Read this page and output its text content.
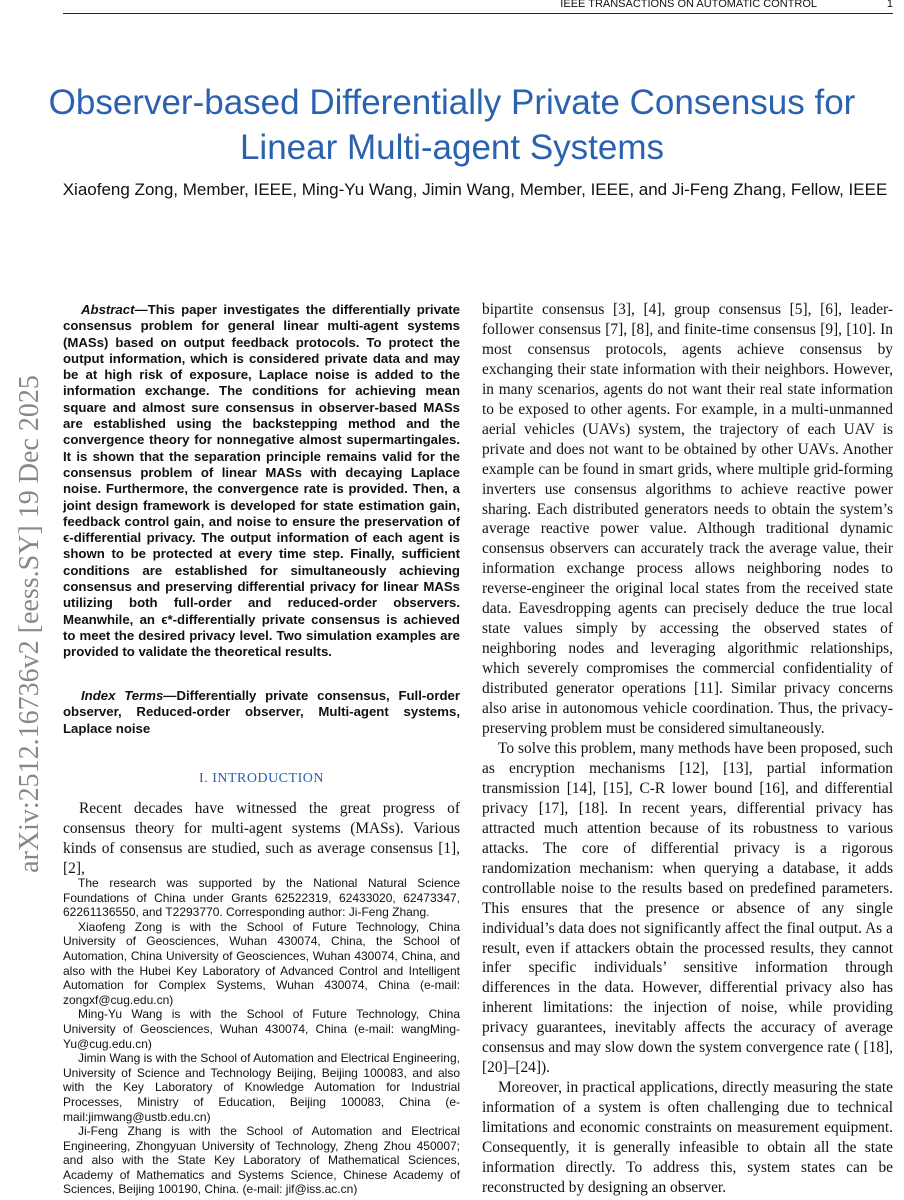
IEEE TRANSACTIONS ON AUTOMATIC CONTROL	1
arXiv:2512.16736v2 [eess.SY] 19 Dec 2025
Observer-based Differentially Private Consensus for Linear Multi-agent Systems
Xiaofeng Zong, Member, IEEE, Ming-Yu Wang, Jimin Wang, Member, IEEE, and Ji-Feng Zhang, Fellow, IEEE

Abstract—This paper investigates the differentially private consensus problem for general linear multi-agent systems (MASs) based on output feedback protocols. To protect the output information, which is considered private data and may be at high risk of exposure, Laplace noise is added to the information exchange. The conditions for achieving mean square and almost sure consensus in observer-based MASs are established using the backstepping method and the convergence theory for nonnegative almost supermartingales. It is shown that the separation principle remains valid for the consensus problem of linear MASs with decaying Laplace noise. Furthermore, the convergence rate is provided. Then, a joint design framework is developed for state estimation gain, feedback control gain, and noise to ensure the preservation of ϵ-differential privacy. The output information of each agent is shown to be protected at every time step. Finally, sufficient conditions are established for simultaneously achieving consensus and preserving differential privacy for linear MASs utilizing both full-order and reduced-order observers. Meanwhile, an ϵ*-differentially private consensus is achieved to meet the desired privacy level. Two simulation examples are provided to validate the theoretical results.

Index Terms—Differentially private consensus, Full-order observer, Reduced-order observer, Multi-agent systems, Laplace noise

I. INTRODUCTION
Recent decades have witnessed the great progress of consensus theory for multi-agent systems (MASs). Various kinds of consensus are studied, such as average consensus [1], [2],

The research was supported by the National Natural Science Foundations of China under Grants 62522319, 62433020, 62473347, 62261136550, and T2293770. Corresponding author: Ji-Feng Zhang.

Xiaofeng Zong is with the School of Future Technology, China University of Geosciences, Wuhan 430074, China, the School of Automation, China University of Geosciences, Wuhan 430074, China, and also with the Hubei Key Laboratory of Advanced Control and Intelligent Automation for Complex Systems, Wuhan 430074, China (e-mail: zongxf@cug.edu.cn)

Ming-Yu Wang is with the School of Future Technology, China University of Geosciences, Wuhan 430074, China (e-mail: wangMing-Yu@cug.edu.cn)

Jimin Wang is with the School of Automation and Electrical Engineering, University of Science and Technology Beijing, Beijing 100083, and also with the Key Laboratory of Knowledge Automation for Industrial Processes, Ministry of Education, Beijing 100083, China (e-mail:jimwang@ustb.edu.cn)

Ji-Feng Zhang is with the School of Automation and Electrical Engineering, Zhongyuan University of Technology, Zheng Zhou 450007; and also with the State Key Laboratory of Mathematical Sciences, Academy of Mathematics and Systems Science, Chinese Academy of Sciences, Beijing 100190, China. (e-mail: jif@iss.ac.cn)

bipartite consensus [3], [4], group consensus [5], [6], leader-follower consensus [7], [8], and finite-time consensus [9], [10]. In most consensus protocols, agents achieve consensus by exchanging their state information with their neighbors. However, in many scenarios, agents do not want their real state information to be exposed to other agents. For example, in a multi-unmanned aerial vehicles (UAVs) system, the trajectory of each UAV is private and does not want to be obtained by other UAVs. Another example can be found in smart grids, where multiple grid-forming inverters use consensus algorithms to achieve reactive power sharing. Each distributed generators needs to obtain the system’s average reactive power value. Although traditional dynamic consensus observers can accurately track the average value, their information exchange process allows neighboring nodes to reverse-engineer the original local states from the received state data. Eavesdropping agents can precisely deduce the true local state values simply by accessing the observed states of neighboring nodes and leveraging algorithmic relationships, which severely compromises the commercial confidentiality of distributed generator operations [11]. Similar privacy concerns also arise in autonomous vehicle coordination. Thus, the privacy-preserving problem must be considered simultaneously.

To solve this problem, many methods have been proposed, such as encryption mechanisms [12], [13], partial information transmission [14], [15], C-R lower bound [16], and differential privacy [17], [18]. In recent years, differential privacy has attracted much attention because of its robustness to various attacks. The core of differential privacy is a rigorous randomization mechanism: when querying a database, it adds controllable noise to the results based on predefined parameters. This ensures that the presence or absence of any single individual’s data does not significantly affect the final output. As a result, even if attackers obtain the processed results, they cannot infer specific individuals’ sensitive information through differences in the data. However, differential privacy also has inherent limitations: the injection of noise, while providing privacy guarantees, inevitably affects the accuracy of average consensus and may slow down the system convergence rate ( [18], [20]–[24]).

Moreover, in practical applications, directly measuring the state information of a system is often challenging due to technical limitations and economic constraints on measurement equipment. Consequently, it is generally infeasible to obtain all the state information directly. To address this, system states can be reconstructed by designing an observer.
